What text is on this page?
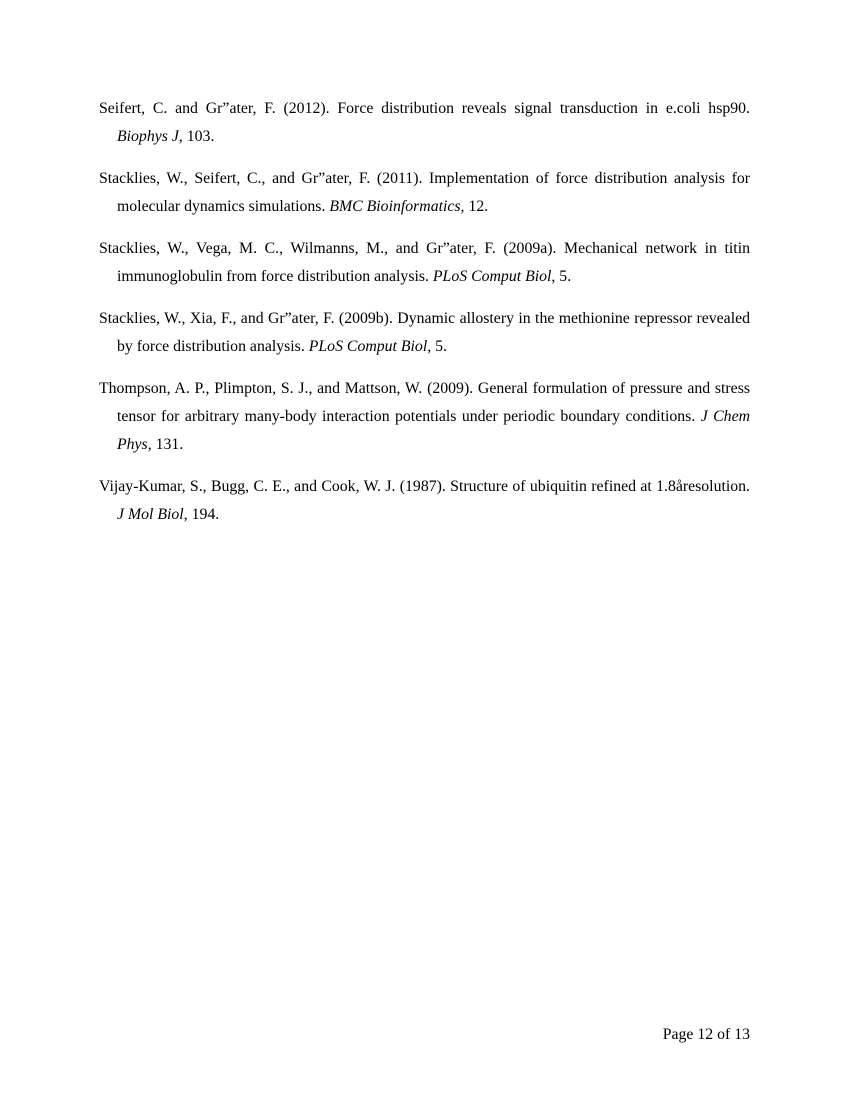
Seifert, C. and Gr”ater, F. (2012). Force distribution reveals signal transduction in e.coli hsp90. Biophys J, 103.

Stacklies, W., Seifert, C., and Gr”ater, F. (2011). Implementation of force distribution analysis for molecular dynamics simulations. BMC Bioinformatics, 12.

Stacklies, W., Vega, M. C., Wilmanns, M., and Gr”ater, F. (2009a). Mechanical network in titin immunoglobulin from force distribution analysis. PLoS Comput Biol, 5.

Stacklies, W., Xia, F., and Gr”ater, F. (2009b). Dynamic allostery in the methionine repressor revealed by force distribution analysis. PLoS Comput Biol, 5.

Thompson, A. P., Plimpton, S. J., and Mattson, W. (2009). General formulation of pressure and stress tensor for arbitrary many-body interaction potentials under periodic boundary conditions. J Chem Phys, 131.

Vijay-Kumar, S., Bugg, C. E., and Cook, W. J. (1987). Structure of ubiquitin refined at 1.8åresolution. J Mol Biol, 194.

Page 12 of 13
